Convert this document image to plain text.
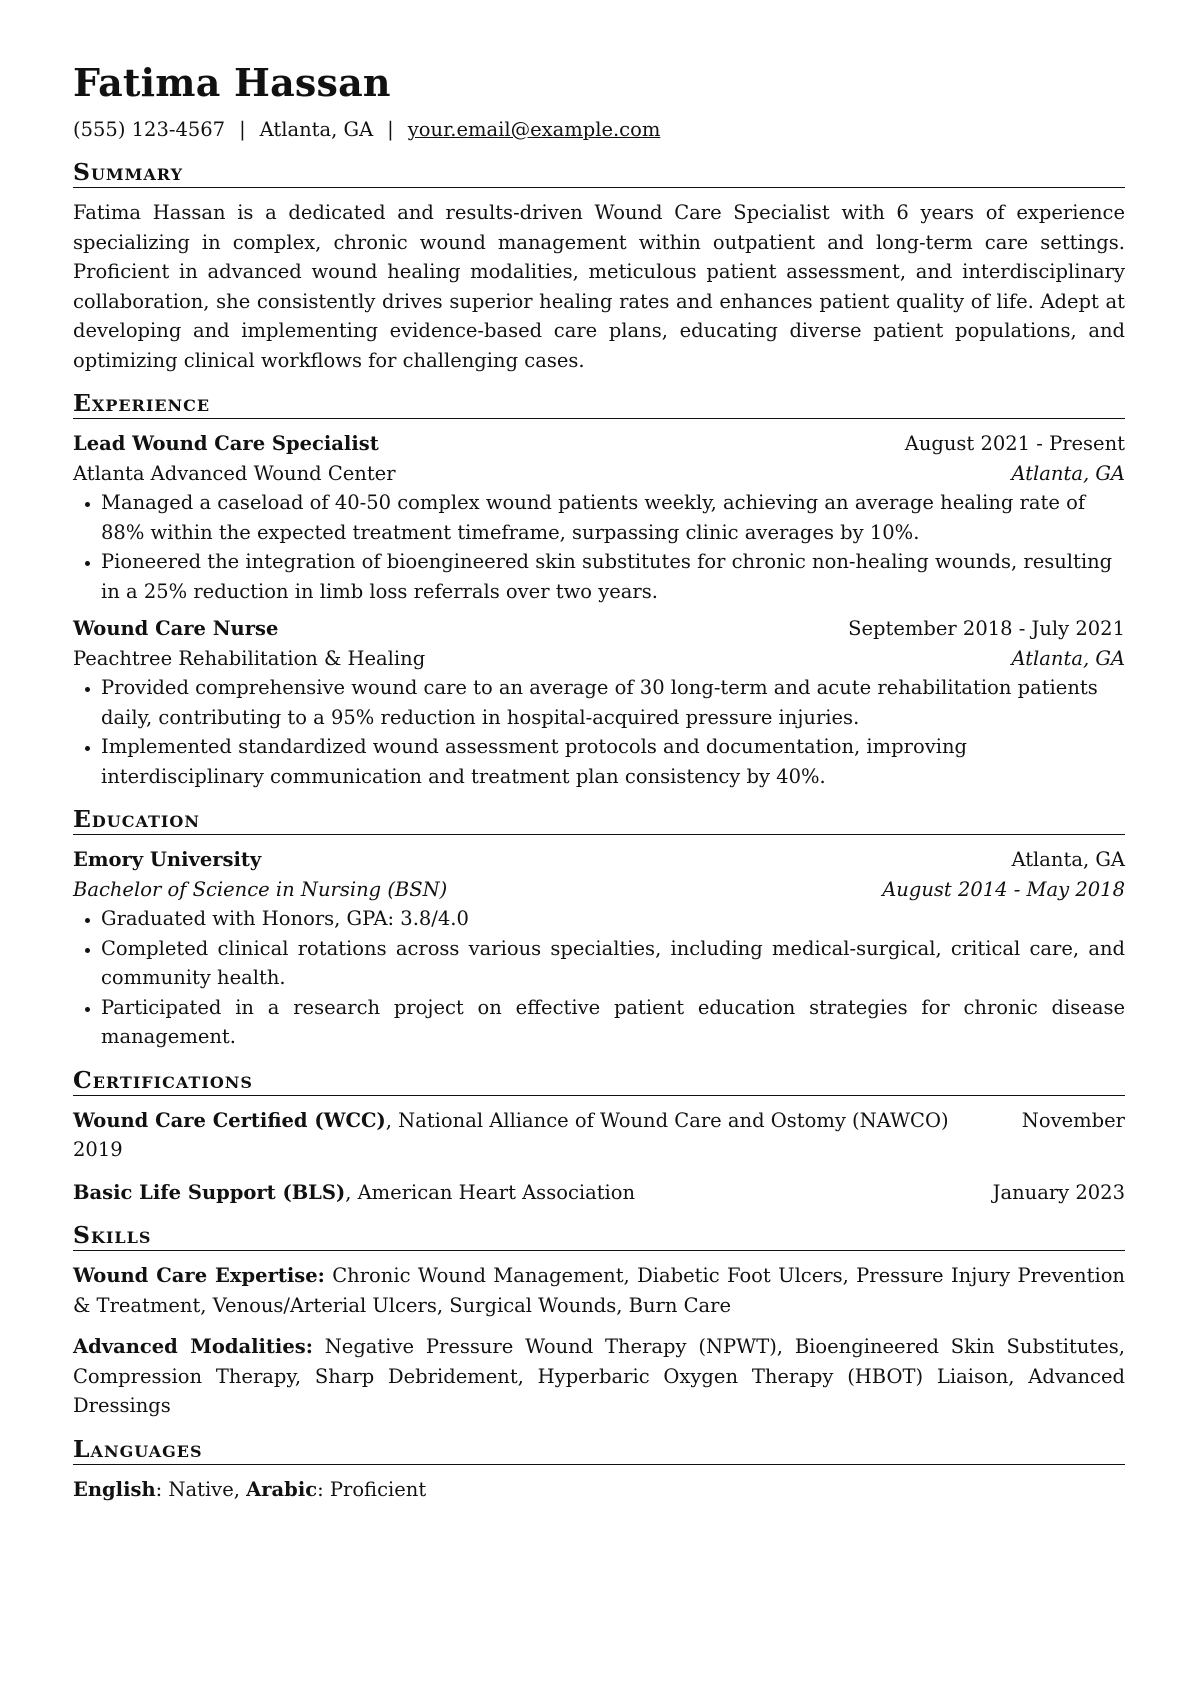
Fatima Hassan
(555) 123-4567 | Atlanta, GA | your.email@example.com
Summary

Fatima Hassan is a dedicated and results-driven Wound Care Specialist with 6 years of experience specializing in complex, chronic wound management within outpatient and long-term care settings. Proficient in advanced wound healing modalities, meticulous patient assessment, and interdisciplinary collaboration, she consistently drives superior healing rates and enhances patient quality of life. Adept at developing and implementing evidence-based care plans, educating diverse patient populations, and optimizing clinical workflows for challenging cases.

Experience
Lead Wound Care Specialist	August 2021 - Present
Atlanta Advanced Wound Center	Atlanta, GA
• Managed a caseload of 40-50 complex wound patients weekly, achieving an average healing rate of 88% within the expected treatment timeframe, surpassing clinic averages by 10%.
• Pioneered the integration of bioengineered skin substitutes for chronic non-healing wounds, resulting in a 25% reduction in limb loss referrals over two years.
Wound Care Nurse	September 2018 - July 2021
Peachtree Rehabilitation & Healing	Atlanta, GA
• Provided comprehensive wound care to an average of 30 long-term and acute rehabilitation patients daily, contributing to a 95% reduction in hospital-acquired pressure injuries.
• Implemented standardized wound assessment protocols and documentation, improving interdisciplinary communication and treatment plan consistency by 40%.
Education
Emory University	Atlanta, GA
Bachelor of Science in Nursing (BSN)	August 2014 - May 2018
• Graduated with Honors, GPA: 3.8/4.0
• Completed clinical rotations across various specialties, including medical-surgical, critical care, and community health.
• Participated in a research project on effective patient education strategies for chronic disease management.
Certifications
Wound Care Certified (WCC), National Alliance of Wound Care and Ostomy (NAWCO)	November
2019
Basic Life Support (BLS), American Heart Association	January 2023
Skills

Wound Care Expertise: Chronic Wound Management, Diabetic Foot Ulcers, Pressure Injury Prevention & Treatment, Venous/Arterial Ulcers, Surgical Wounds, Burn Care

Advanced Modalities: Negative Pressure Wound Therapy (NPWT), Bioengineered Skin Substitutes, Compression Therapy, Sharp Debridement, Hyperbaric Oxygen Therapy (HBOT) Liaison, Advanced Dressings

Languages

English: Native, Arabic: Proficient
